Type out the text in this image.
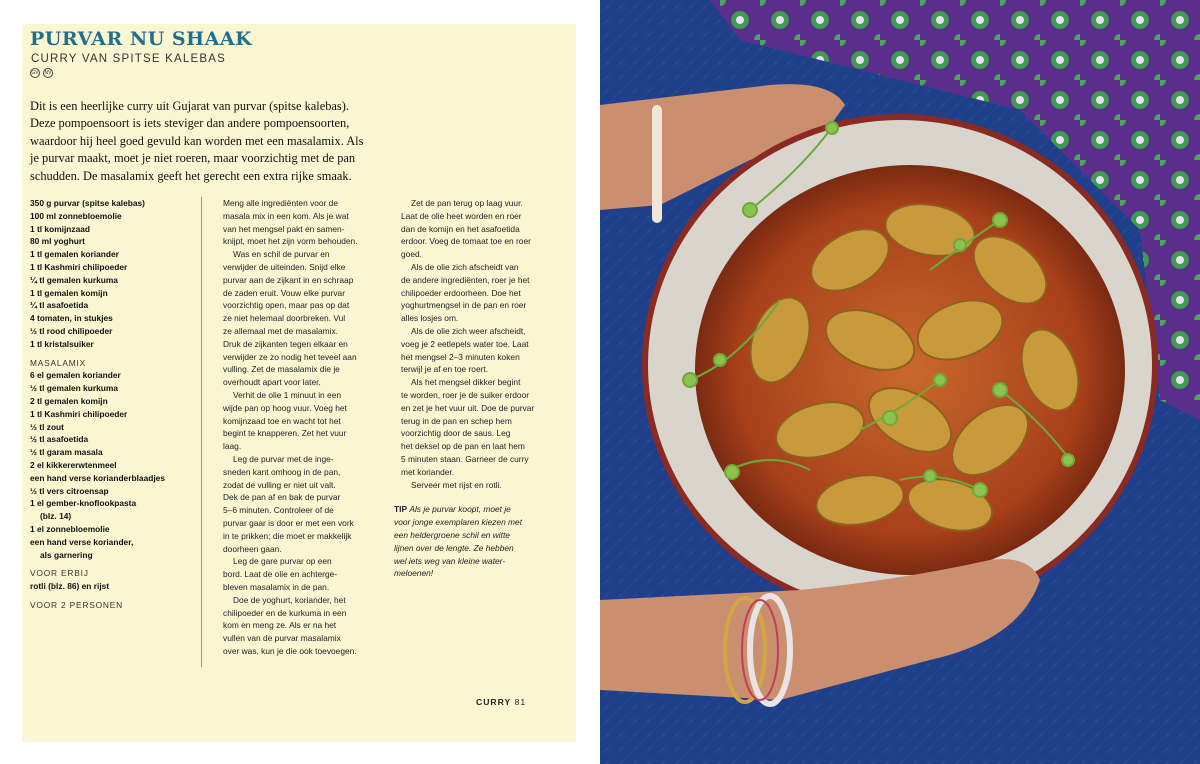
PURVAR NU SHAAK
CURRY VAN SPITSE KALEBAS
GV	NV
Dit is een heerlijke curry uit Gujarat van purvar (spitse kalebas).
Deze pompoensoort is iets steviger dan andere pompoensoorten,
waardoor hij heel goed gevuld kan worden met een masalamix. Als
je purvar maakt, moet je niet roeren, maar voorzichtig met de pan
schudden. De masalamix geeft het gerecht een extra rijke smaak.
350 g purvar (spitse kalebas)
100 ml zonnebloemolie
1 tl komijnzaad
80 ml yoghurt
1 tl gemalen koriander
1 tl Kashmiri chilipoeder
¼ tl gemalen kurkuma
1 tl gemalen komijn
¼ tl asafoetida
4 tomaten, in stukjes
½ tl rood chilipoeder
1 tl kristalsuiker
MASALAMIX
6 el gemalen koriander
½ tl gemalen kurkuma
2 tl gemalen komijn
1 tl Kashmiri chilipoeder
½ tl zout
½ tl asafoetida
½ tl garam masala
2 el kikkererwtenmeel
een hand verse korianderblaadjes
½ tl vers citroensap
1 el gember-knoflookpasta
(blz. 14)
1 el zonnebloemolie
een hand verse koriander,
als garnering
VOOR ERBIJ
rotli (blz. 86) en rijst
VOOR 2 PERSONEN
Meng alle ingrediënten voor de
masala mix in een kom. Als je wat
van het mengsel pakt en samen-
knijpt, moet het zijn vorm behouden.
Was en schil de purvar en
verwijder de uiteinden. Snijd elke
purvar aan de zijkant in en schraap
de zaden eruit. Vouw elke purvar
voorzichtig open, maar pas op dat
ze niet helemaal doorbreken. Vul
ze allemaal met de masalamix.
Druk de zijkanten tegen elkaar en
verwijder ze zo nodig het teveel aan
vulling. Zet de masalamix die je
overhoudt apart voor later.
Verhit de olie 1 minuut in een
wijde pan op hoog vuur. Voeg het
komijnzaad toe en wacht tot het
begint te knapperen. Zet het vuur
laag.
Leg de purvar met de inge-
sneden kant omhoog in de pan,
zodat de vulling er niet uit valt.
Dek de pan af en bak de purvar
5–6 minuten. Controleer of de
purvar gaar is door er met een vork
in te prikken; die moet er makkelijk
doorheen gaan.
Leg de gare purvar op een
bord. Laat de olie en achterge-
bleven masalamix in de pan.
Doe de yoghurt, koriander, het
chilipoeder en de kurkuma in een
kom en meng ze. Als er na het
vullen van de purvar masalamix
over was, kun je die ook toevoegen.
Zet de pan terug op laag vuur.
Laat de olie heet worden en roer
dan de komijn en het asafoetida
erdoor. Voeg de tomaat toe en roer
goed.
Als de olie zich afscheidt van
de andere ingrediënten, roer je het
chilipoeder erdoorheen. Doe het
yoghurtmengsel in de pan en roer
alles losjes om.
Als de olie zich weer afscheidt,
voeg je 2 eetlepels water toe. Laat
het mengsel 2–3 minuten koken
terwijl je af en toe roert.
Als het mengsel dikker begint
te worden, roer je de suiker erdoor
en zet je het vuur uit. Doe de purvar
terug in de pan en schep hem
voorzichtig door de saus. Leg
het deksel op de pan en laat hem
5 minuten staan. Garneer de curry
met koriander.
Serveer met rijst en rotli.
TIP Als je purvar koopt, moet je
voor jonge exemplaren kiezen met
een heldergroene schil en witte
lijnen over de lengte. Ze hebben
wel iets weg van kleine water-
meloenen!
CURRY 81
